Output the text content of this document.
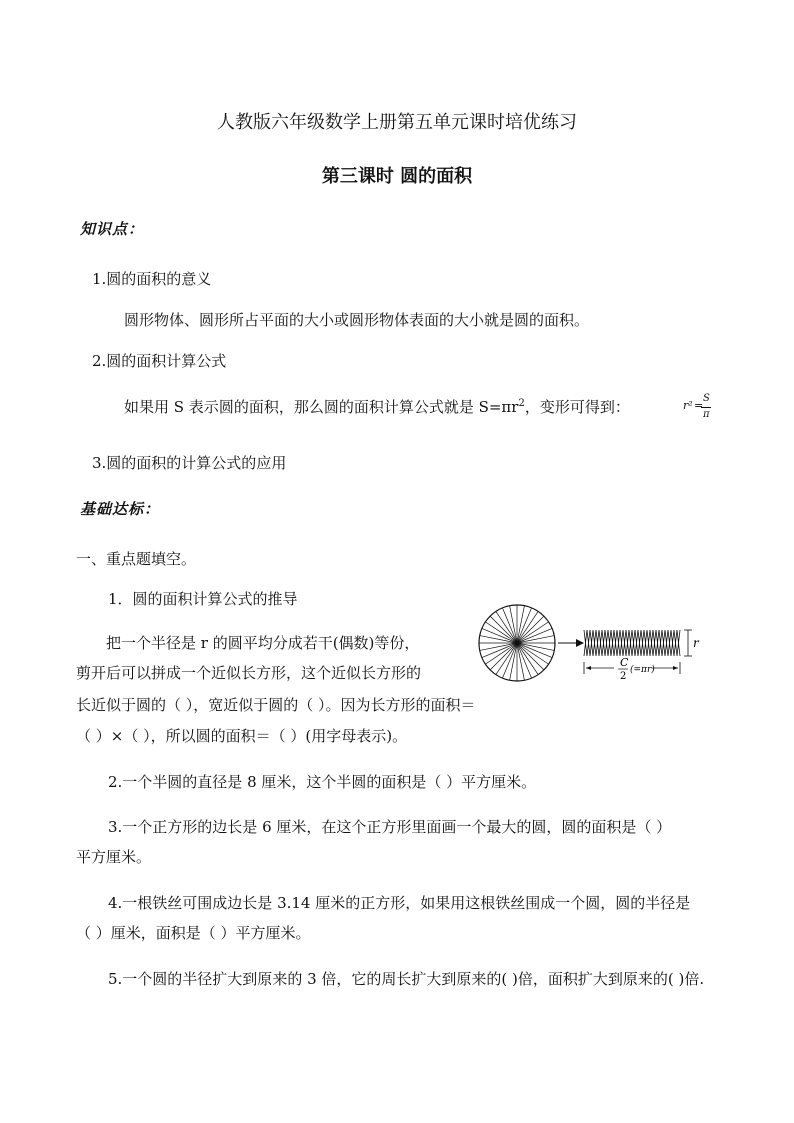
人教版六年级数学上册第五单元课时培优练习
第三课时 圆的面积
知识点：
1.圆的面积的意义
圆形物体、圆形所占平面的大小或圆形物体表面的大小就是圆的面积。
2.圆的面积计算公式
如果用 S 表示圆的面积，那么圆的面积计算公式就是 $S=\pi r^2$，变形可得到：	r² =
S
π
3.圆的面积的计算公式的应用
基础达标：
一、重点题填空。
1．圆的面积计算公式的推导
把一个半径是 r 的圆平均分成若干(偶数)等份，
剪开后可以拼成一个近似长方形，这个近似长方形的
长近似于圆的（ ），宽近似于圆的（ ）。因为长方形的面积＝
（ ）×（ ），所以圆的面积＝（ ）(用字母表示)。
2.一个半圆的直径是 8 厘米，这个半圆的面积是（ ）平方厘米。
3.一个正方形的边长是 6 厘米，在这个正方形里面画一个最大的圆，圆的面积是（ ）
平方厘米。
4.一根铁丝可围成边长是 3.14 厘米的正方形，如果用这根铁丝围成一个圆，圆的半径是
（ ）厘米，面积是（ ）平方厘米。
5.一个圆的半径扩大到原来的 3 倍，它的周长扩大到原来的( )倍，面积扩大到原来的( )倍.
r
C
2
(=πr)
